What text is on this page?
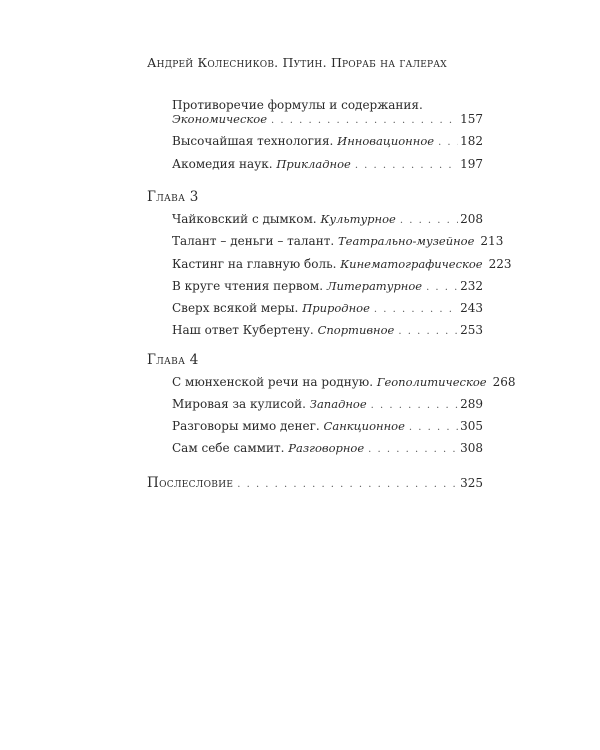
Андрей Колесников. Путин. Прораб на галерах
Противоречие формулы и содержания.
Экономическое . . .	157
Высочайшая технология.
Инновационное . . . 182
Акомедия наук.
Прикладное . . .	197
Глава 3
Чайковский с дымком.
Культурное . . .	208
Талант – деньги – талант.
Театрально-музейное 213
Кастинг на главную боль.
Кинематографическое 223
В круге чтения первом.
Литературное . . .	232
Сверх всякой меры.
Природное . . .	243
Наш ответ Кубертену.
Спортивное . . .	253
Глава 4
С мюнхенской речи на родную.
Геополитическое 268
Мировая за кулисой.
Западное . . .	289
Разговоры мимо денег.
Санкционное . . .	305
Сам себе саммит.
Разговорное . . .	308
Послесловие . . .	325
